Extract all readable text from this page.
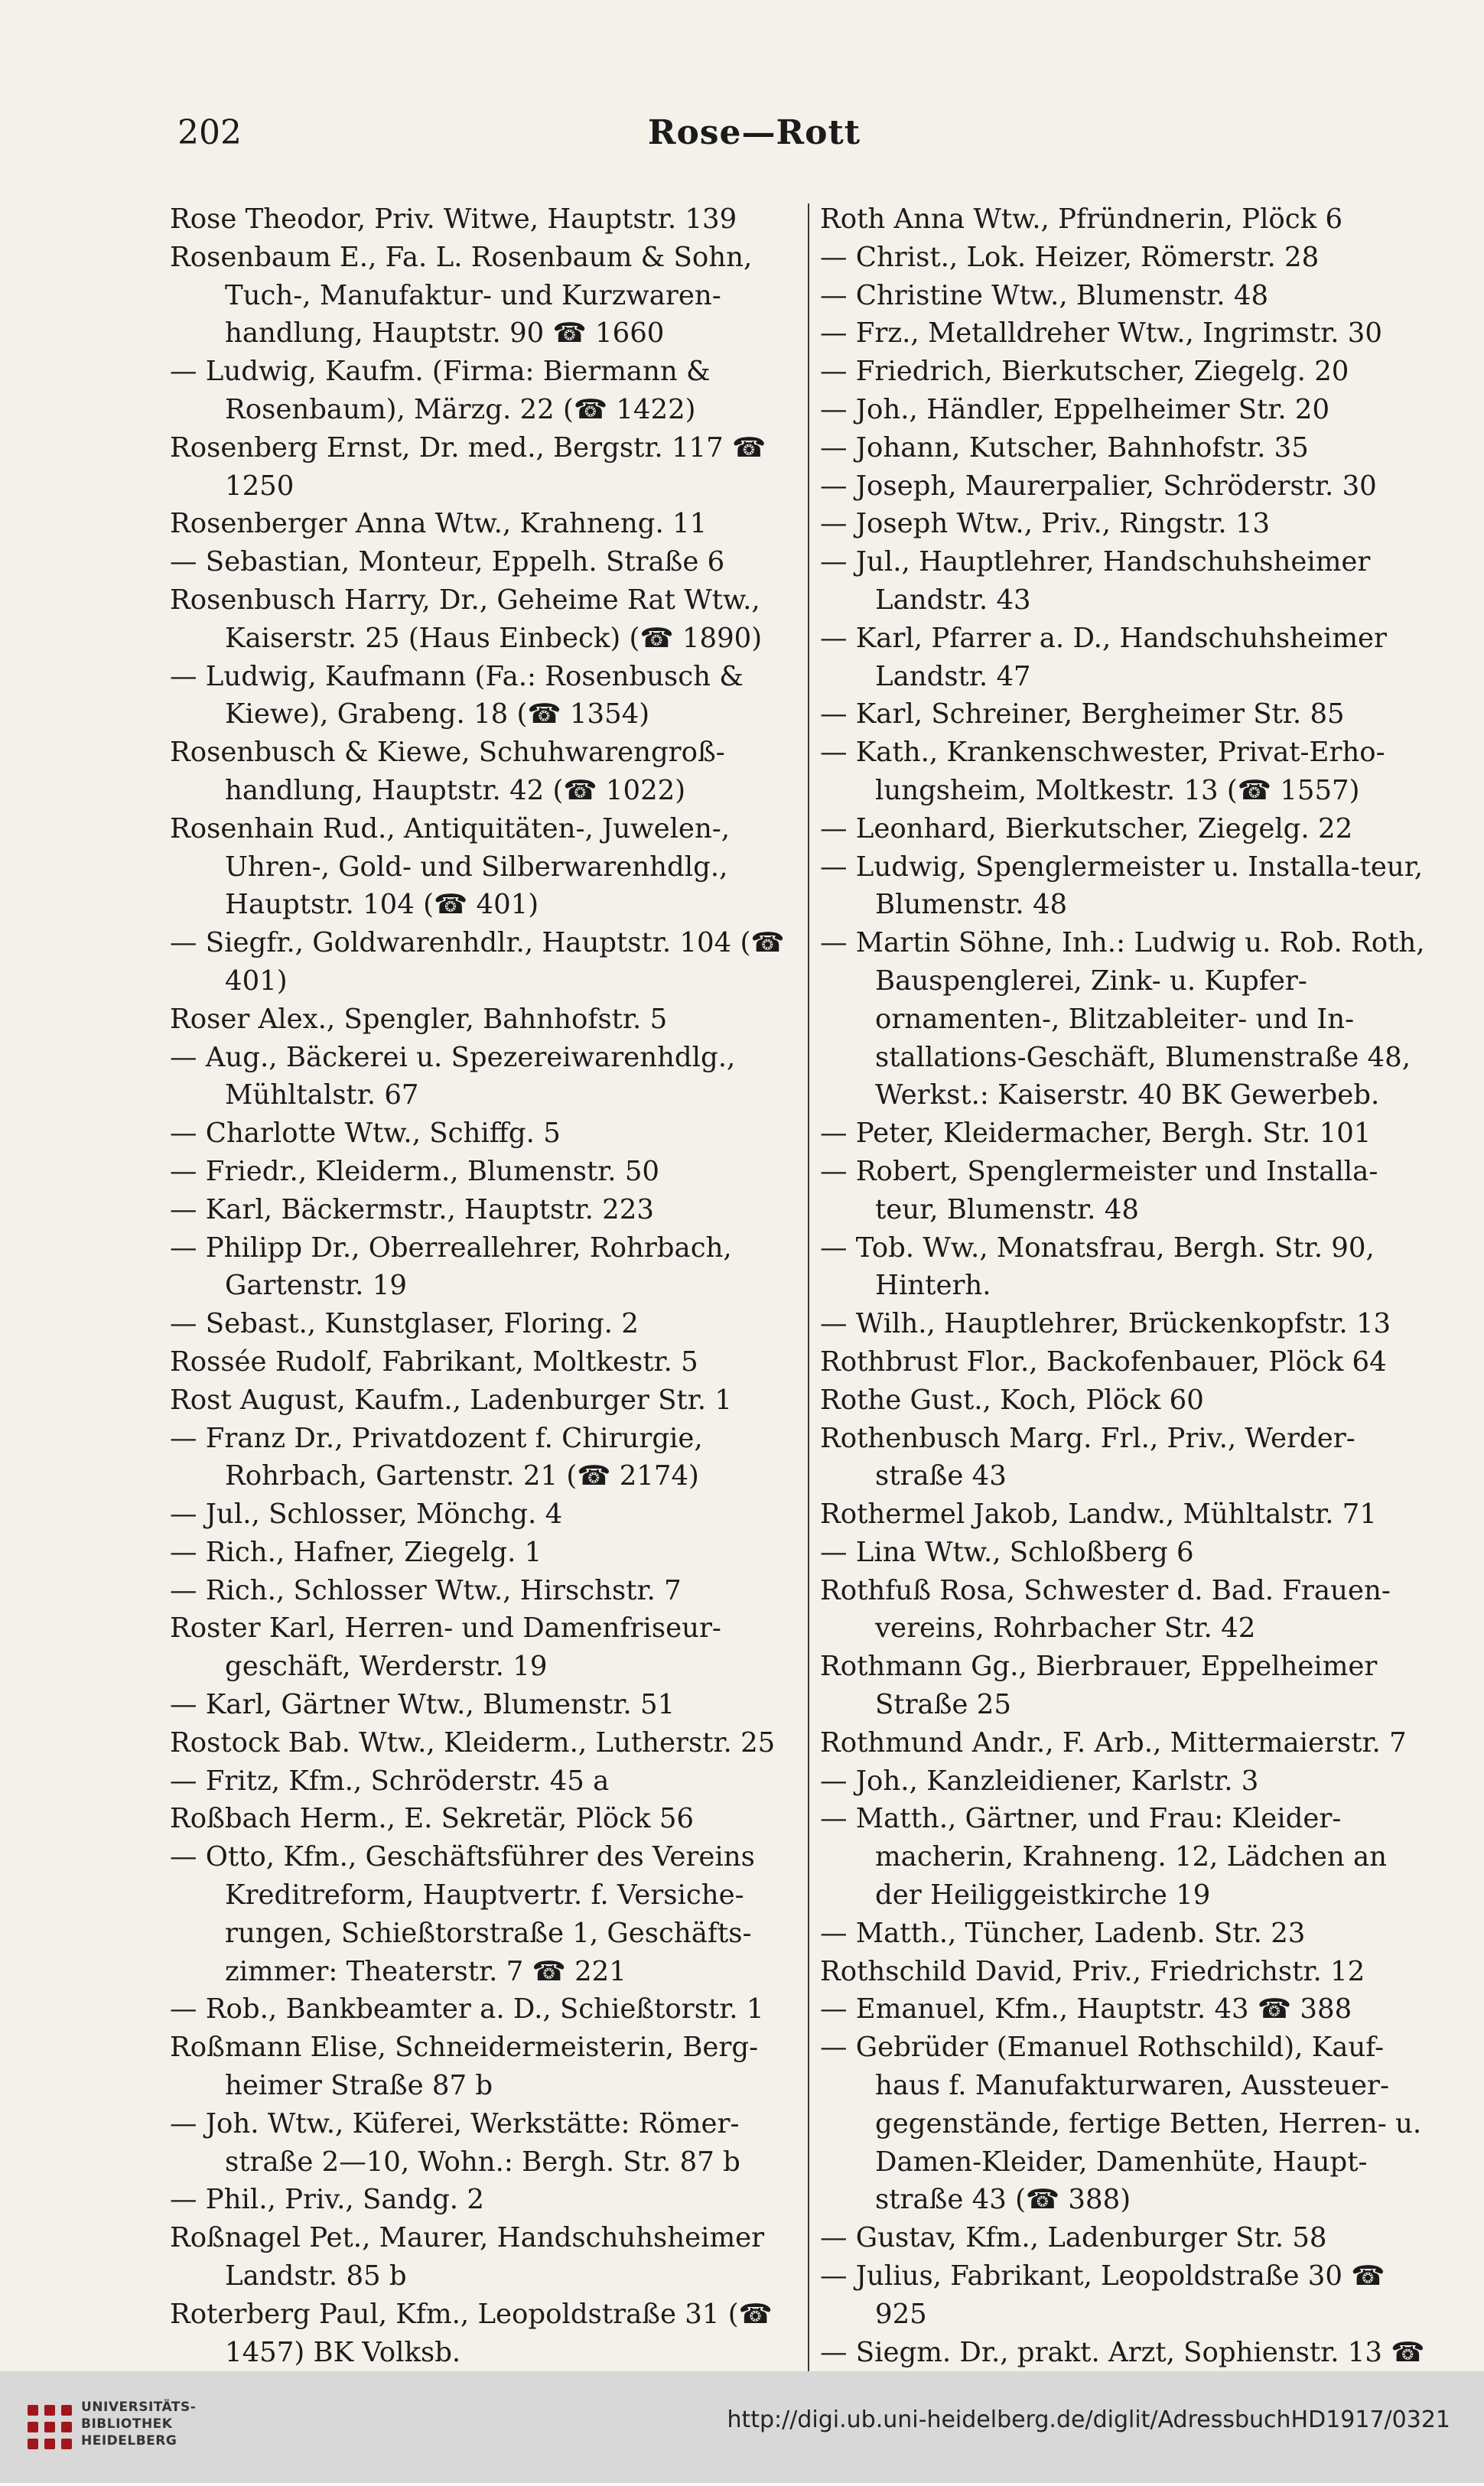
202	Rose—Rott

Rose Theodor, Priv. Witwe, Hauptstr. 139

Rosenbaum E., Fa. L. Rosenbaum & Sohn, Tuch-, Manufaktur- und Kurzwaren-handlung, Hauptstr. 90 ☎ 1660

— Ludwig, Kaufm. (Firma: Biermann & Rosenbaum), Märzg. 22 (☎ 1422)

Rosenberg Ernst, Dr. med., Bergstr. 117 ☎ 1250

Rosenberger Anna Wtw., Krahneng. 11

— Sebastian, Monteur, Eppelh. Straße 6

Rosenbusch Harry, Dr., Geheime Rat Wtw., Kaiserstr. 25 (Haus Einbeck) (☎ 1890)

— Ludwig, Kaufmann (Fa.: Rosenbusch & Kiewe), Grabeng. 18 (☎ 1354)

Rosenbusch & Kiewe, Schuhwarengroß-handlung, Hauptstr. 42 (☎ 1022)

Rosenhain Rud., Antiquitäten-, Juwelen-, Uhren-, Gold- und Silberwarenhdlg., Hauptstr. 104 (☎ 401)

— Siegfr., Goldwarenhdlr., Hauptstr. 104 (☎ 401)

Roser Alex., Spengler, Bahnhofstr. 5

— Aug., Bäckerei u. Spezereiwarenhdlg., Mühltalstr. 67

— Charlotte Wtw., Schiffg. 5

— Friedr., Kleiderm., Blumenstr. 50

— Karl, Bäckermstr., Hauptstr. 223

— Philipp Dr., Oberreallehrer, Rohrbach, Gartenstr. 19

— Sebast., Kunstglaser, Floring. 2

Rossée Rudolf, Fabrikant, Moltkestr. 5

Rost August, Kaufm., Ladenburger Str. 1

— Franz Dr., Privatdozent f. Chirurgie, Rohrbach, Gartenstr. 21 (☎ 2174)

— Jul., Schlosser, Mönchg. 4

— Rich., Hafner, Ziegelg. 1

— Rich., Schlosser Wtw., Hirschstr. 7

Roster Karl, Herren- und Damenfriseur-geschäft, Werderstr. 19

— Karl, Gärtner Wtw., Blumenstr. 51

Rostock Bab. Wtw., Kleiderm., Lutherstr. 25

— Fritz, Kfm., Schröderstr. 45 a

Roßbach Herm., E. Sekretär, Plöck 56

— Otto, Kfm., Geschäftsführer des Vereins Kreditreform, Hauptvertr. f. Versiche-rungen, Schießtorstraße 1, Geschäfts-zimmer: Theaterstr. 7 ☎ 221

— Rob., Bankbeamter a. D., Schießtorstr. 1

Roßmann Elise, Schneidermeisterin, Berg-heimer Straße 87 b

— Joh. Wtw., Küferei, Werkstätte: Römer-straße 2—10, Wohn.: Bergh. Str. 87 b

— Phil., Priv., Sandg. 2

Roßnagel Pet., Maurer, Handschuhsheimer Landstr. 85 b

Roterberg Paul, Kfm., Leopoldstraße 31 (☎ 1457) BK Volksb.

Roth Anna Wtw., Pfründnerin, Plöck 6

— Christ., Lok. Heizer, Römerstr. 28

— Christine Wtw., Blumenstr. 48

— Frz., Metalldreher Wtw., Ingrimstr. 30

— Friedrich, Bierkutscher, Ziegelg. 20

— Joh., Händler, Eppelheimer Str. 20

— Johann, Kutscher, Bahnhofstr. 35

— Joseph, Maurerpalier, Schröderstr. 30

— Joseph Wtw., Priv., Ringstr. 13

— Jul., Hauptlehrer, Handschuhsheimer Landstr. 43

— Karl, Pfarrer a. D., Handschuhsheimer Landstr. 47

— Karl, Schreiner, Bergheimer Str. 85

— Kath., Krankenschwester, Privat-Erho-lungsheim, Moltkestr. 13 (☎ 1557)

— Leonhard, Bierkutscher, Ziegelg. 22

— Ludwig, Spenglermeister u. Installa-teur, Blumenstr. 48

— Martin Söhne, Inh.: Ludwig u. Rob. Roth, Bauspenglerei, Zink- u. Kupfer-ornamenten-, Blitzableiter- und In-stallations-Geschäft, Blumenstraße 48, Werkst.: Kaiserstr. 40 BK Gewerbeb.

— Peter, Kleidermacher, Bergh. Str. 101

— Robert, Spenglermeister und Installa-teur, Blumenstr. 48

— Tob. Ww., Monatsfrau, Bergh. Str. 90, Hinterh.

— Wilh., Hauptlehrer, Brückenkopfstr. 13

Rothbrust Flor., Backofenbauer, Plöck 64

Rothe Gust., Koch, Plöck 60

Rothenbusch Marg. Frl., Priv., Werder-straße 43

Rothermel Jakob, Landw., Mühltalstr. 71

— Lina Wtw., Schloßberg 6

Rothfuß Rosa, Schwester d. Bad. Frauen-vereins, Rohrbacher Str. 42

Rothmann Gg., Bierbrauer, Eppelheimer Straße 25

Rothmund Andr., F. Arb., Mittermaierstr. 7

— Joh., Kanzleidiener, Karlstr. 3

— Matth., Gärtner, und Frau: Kleider-macherin, Krahneng. 12, Lädchen an der Heiliggeistkirche 19

— Matth., Tüncher, Ladenb. Str. 23

Rothschild David, Priv., Friedrichstr. 12

— Emanuel, Kfm., Hauptstr. 43 ☎ 388

— Gebrüder (Emanuel Rothschild), Kauf-haus f. Manufakturwaren, Aussteuer-gegenstände, fertige Betten, Herren- u. Damen-Kleider, Damenhüte, Haupt-straße 43 (☎ 388)

— Gustav, Kfm., Ladenburger Str. 58

— Julius, Fabrikant, Leopoldstraße 30 ☎ 925

— Siegm. Dr., prakt. Arzt, Sophienstr. 13 ☎

UNIVERSITÄTS-
BIBLIOTHEK
HEIDELBERG
http://digi.ub.uni-heidelberg.de/diglit/AdressbuchHD1917/0321
